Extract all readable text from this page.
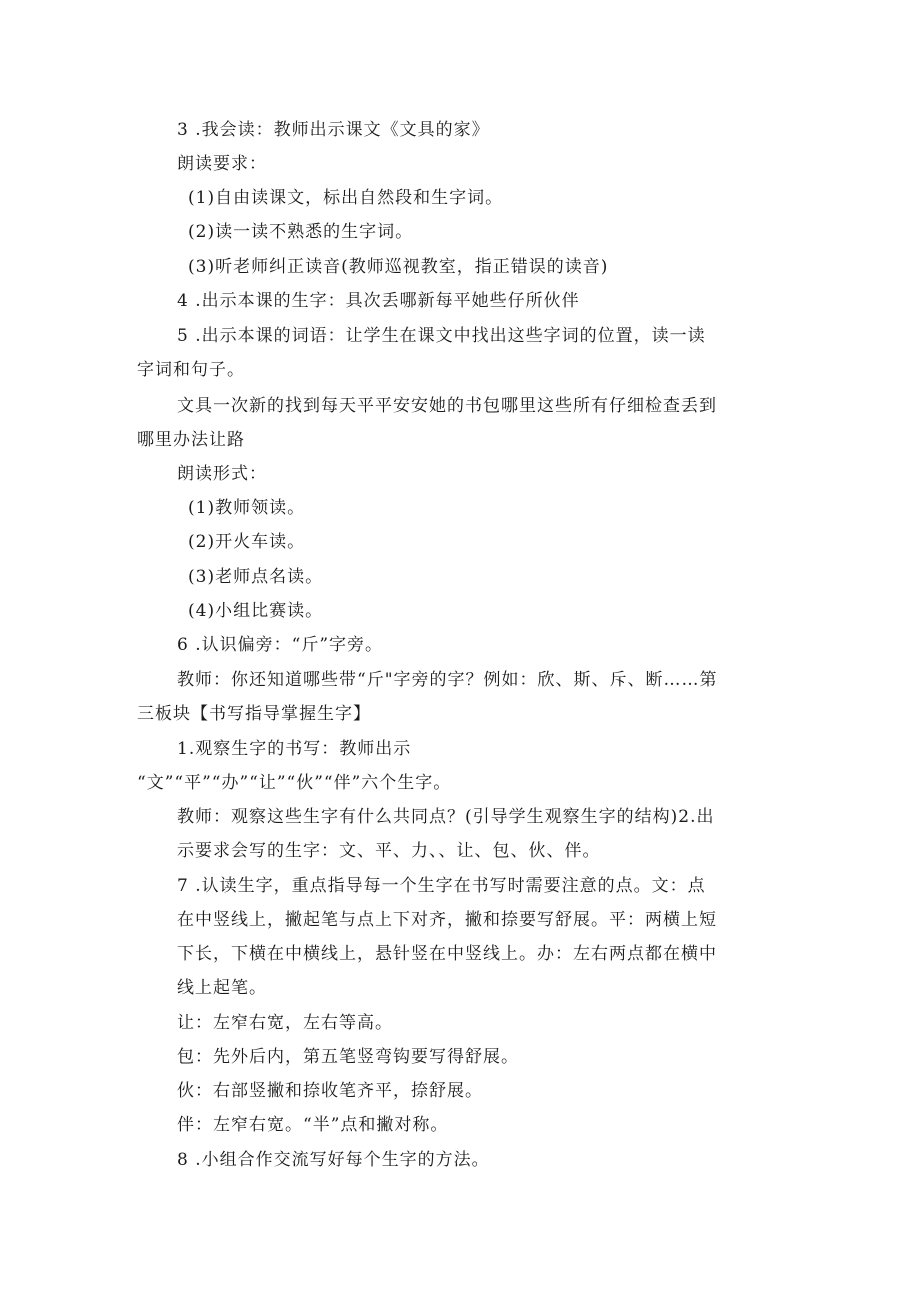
3 .我会读：教师出示课文《文具的家》
朗读要求：
(1)自由读课文，标出自然段和生字词。
(2)读一读不熟悉的生字词。
(3)听老师纠正读音(教师巡视教室，指正错误的读音)
4 .出示本课的生字：具次丢哪新每平她些仔所伙伴
5 .出示本课的词语：让学生在课文中找出这些字词的位置，读一读
字词和句子。
文具一次新的找到每天平平安安她的书包哪里这些所有仔细检查丢到
哪里办法让路
朗读形式：
(1)教师领读。
(2)开火车读。
(3)老师点名读。
(4)小组比赛读。
6 .认识偏旁：“斤”字旁。
教师：你还知道哪些带“斤"字旁的字？例如：欣、斯、斥、断……第
三板块【书写指导掌握生字】
1.观察生字的书写：教师出示
“文”“平”“办”“让”“伙”“伴”六个生字。
教师：观察这些生字有什么共同点？(引导学生观察生字的结构)2.出
示要求会写的生字：文、平、力、、让、包、伙、伴。
7 .认读生字，重点指导每一个生字在书写时需要注意的点。文：点
在中竖线上，撇起笔与点上下对齐，撇和捺要写舒展。平：两横上短
下长，下横在中横线上，悬针竖在中竖线上。办：左右两点都在横中
线上起笔。
让：左窄右宽，左右等高。
包：先外后内，第五笔竖弯钩要写得舒展。
伙：右部竖撇和捺收笔齐平，捺舒展。
伴：左窄右宽。“半”点和撇对称。
8 .小组合作交流写好每个生字的方法。
